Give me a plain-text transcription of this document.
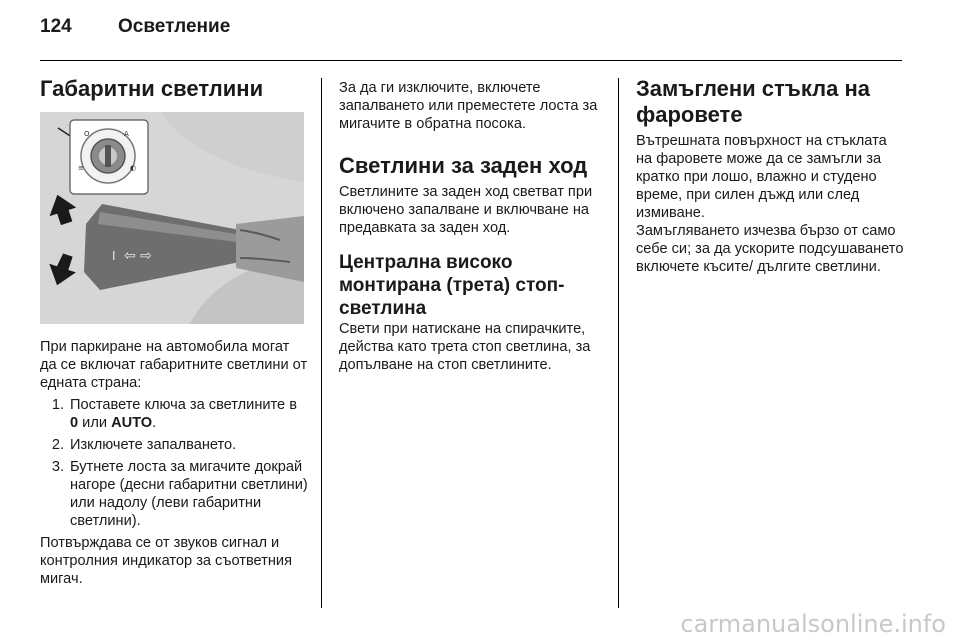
124	Осветление
Габаритни светлини
O	A
≡	◐
⇦ ⇨
I

При паркиране на автомобила могат да се включат габаритните светлини от едната страна:

1. Поставете ключа за светлините в 0 или AUTO.
2. Изключете запалването.
3. Бутнете лоста за мигачите докрай нагоре (десни габаритни светлини) или надолу (леви габаритни светлини).

Потвърждава се от звуков сигнал и контролния индикатор за съответния мигач.

За да ги изключите, включете запалването или преместете лоста за мигачите в обратна посока.

Светлини за заден ход

Светлините за заден ход светват при включено запалване и включване на предавката за заден ход.

Централна високо монтирана (трета) стоп-светлина

Свети при натискане на спирачките, действа като трета стоп светлина, за допълване на стоп светлините.

Замъглени стъкла на фаровете

Вътрешната повърхност на стъклата на фаровете може да се замъгли за кратко при лошо, влажно и студено време, при силен дъжд или след измиване.

Замъгляването изчезва бързо от само себе си; за да ускорите подсушаването включете късите/ дългите светлини.

carmanualsonline.info
